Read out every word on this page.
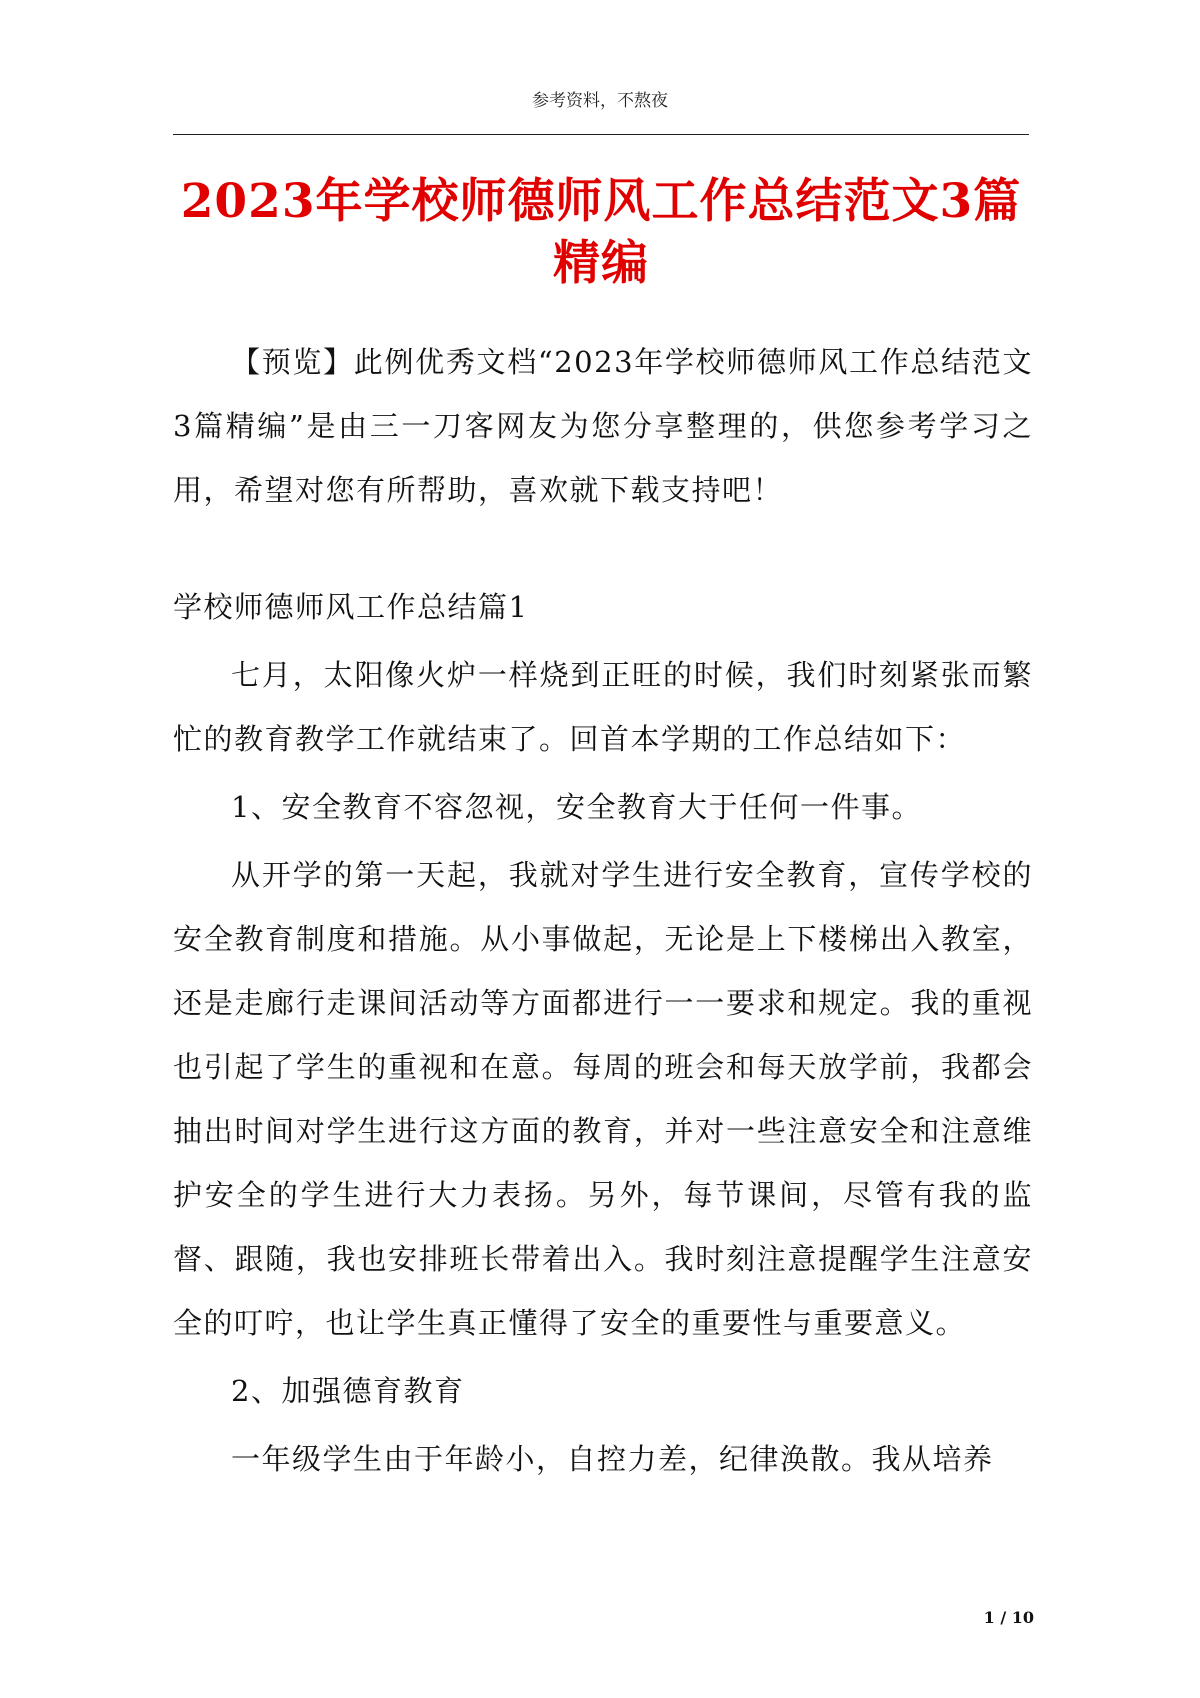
参考资料，不熬夜
2023年学校师德师风工作总结范文3篇精编

【预览】此例优秀文档“2023年学校师德师风工作总结范文3篇精编”是由三一刀客网友为您分享整理的，供您参考学习之用，希望对您有所帮助，喜欢就下载支持吧！

学校师德师风工作总结篇1

七月，太阳像火炉一样烧到正旺的时候，我们时刻紧张而繁忙的教育教学工作就结束了。回首本学期的工作总结如下：

1、安全教育不容忽视，安全教育大于任何一件事。

从开学的第一天起，我就对学生进行安全教育，宣传学校的安全教育制度和措施。从小事做起，无论是上下楼梯出入教室，还是走廊行走课间活动等方面都进行一一要求和规定。我的重视也引起了学生的重视和在意。每周的班会和每天放学前，我都会抽出时间对学生进行这方面的教育，并对一些注意安全和注意维护安全的学生进行大力表扬。另外，每节课间，尽管有我的监督、跟随，我也安排班长带着出入。我时刻注意提醒学生注意安全的叮咛，也让学生真正懂得了安全的重要性与重要意义。

2、加强德育教育

一年级学生由于年龄小，自控力差，纪律涣散。我从培养

1 / 10
